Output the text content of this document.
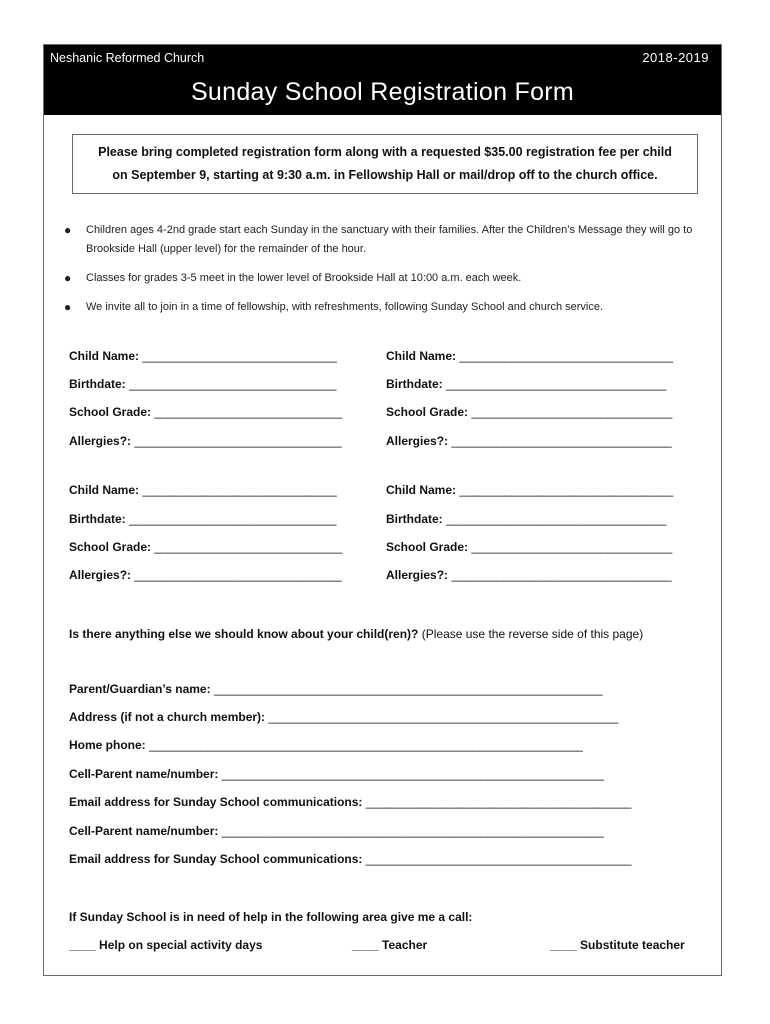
Neshanic Reformed Church	2018-2019
Sunday School Registration Form
Please bring completed registration form along with a requested $35.00 registration fee per child
on September 9, starting at 9:30 a.m. in Fellowship Hall or mail/drop off to the church office.
● Children ages 4-2nd grade start each Sunday in the sanctuary with their families. After the Children’s Message they will go to Brookside Hall (upper level) for the remainder of the hour.
● Classes for grades 3-5 meet in the lower level of Brookside Hall at 10:00 a.m. each week.
● We invite all to join in a time of fellowship, with refreshments, following Sunday School and church service.
Child Name: ______________________________
Birthdate: ________________________________
School Grade: _____________________________
Allergies?: ________________________________
Child Name: _________________________________
Birthdate: __________________________________
School Grade: _______________________________
Allergies?: __________________________________
Child Name: ______________________________
Birthdate: ________________________________
School Grade: _____________________________
Allergies?: ________________________________
Child Name: _________________________________
Birthdate: __________________________________
School Grade: _______________________________
Allergies?: __________________________________
Is there anything else we should know about your child(ren)? (Please use the reverse side of this page)
Parent/Guardian’s name: ____________________________________________________________
Address (if not a church member): ______________________________________________________
Home phone: ___________________________________________________________________
Cell-Parent name/number: ___________________________________________________________
Email address for Sunday School communications: _________________________________________
Cell-Parent name/number: ___________________________________________________________
Email address for Sunday School communications: _________________________________________
If Sunday School is in need of help in the following area give me a call:
____ Help on special activity days	____ Teacher	____ Substitute teacher
